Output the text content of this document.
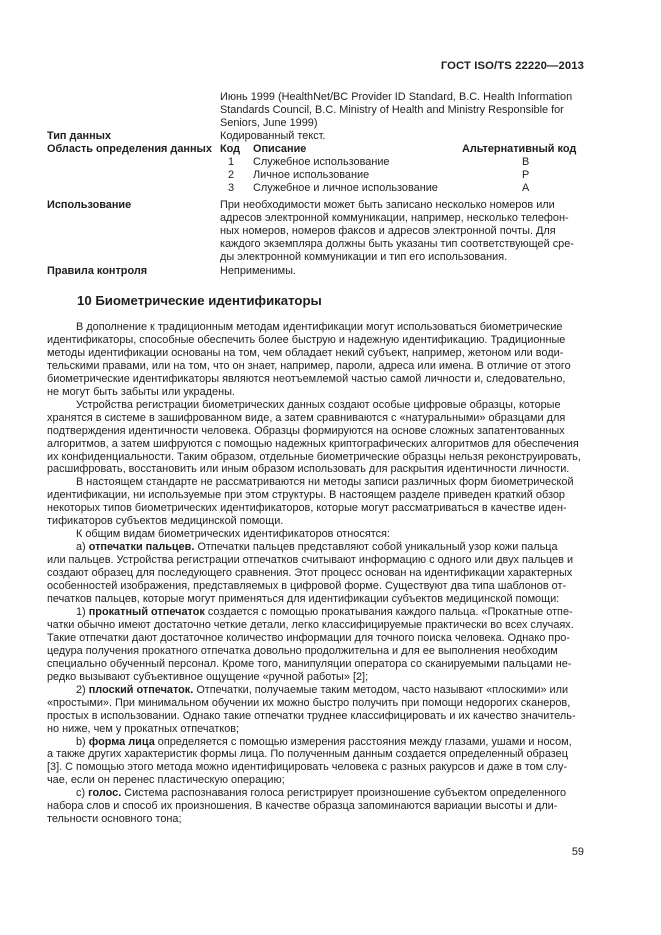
ГОСТ ISO/TS 22220—2013
Июнь 1999 (HealthNet/BC Provider ID Standard, B.C. Health Information
Standards Council, B.C. Ministry of Health and Ministry Responsible for
Seniors, June 1999)
Тип данных	Кодированный текст.
Область определения данных Код Описание	Альтернативный код
1 Служебное использование	B
2 Личное использование	P
3 Служебное и личное использование	A
Использование	При необходимости может быть записано несколько номеров или
адресов электронной коммуникации, например, несколько телефон-
ных номеров, номеров факсов и адресов электронной почты. Для
каждого экземпляра должны быть указаны тип соответствующей сре-
ды электронной коммуникации и тип его использования.
Правила контроля	Неприменимы.
10 Биометрические идентификаторы

В дополнение к традиционным методам идентификации могут использоваться биометрические
идентификаторы, способные обеспечить более быструю и надежную идентификацию. Традиционные
методы идентификации основаны на том, чем обладает некий субъект, например, жетоном или води-
тельскими правами, или на том, что он знает, например, пароли, адреса или имена. В отличие от этого
биометрические идентификаторы являются неотъемлемой частью самой личности и, следовательно,
не могут быть забыты или украдены.

Устройства регистрации биометрических данных создают особые цифровые образцы, которые
хранятся в системе в зашифрованном виде, а затем сравниваются с «натуральными» образцами для
подтверждения идентичности человека. Образцы формируются на основе сложных запатентованных
алгоритмов, а затем шифруются с помощью надежных криптографических алгоритмов для обеспечения
их конфиденциальности. Таким образом, отдельные биометрические образцы нельзя реконструировать,
расшифровать, восстановить или иным образом использовать для раскрытия идентичности личности.

В настоящем стандарте не рассматриваются ни методы записи различных форм биометрической
идентификации, ни используемые при этом структуры. В настоящем разделе приведен краткий обзор
некоторых типов биометрических идентификаторов, которые могут рассматриваться в качестве иден-
тификаторов субъектов медицинской помощи.

К общим видам биометрических идентификаторов относятся:

a) отпечатки пальцев. Отпечатки пальцев представляют собой уникальный узор кожи пальца
или пальцев. Устройства регистрации отпечатков считывают информацию с одного или двух пальцев и
создают образец для последующего сравнения. Этот процесс основан на идентификации характерных
особенностей изображения, представляемых в цифровой форме. Существуют два типа шаблонов от-
печатков пальцев, которые могут применяться для идентификации субъектов медицинской помощи:

1) прокатный отпечаток создается с помощью прокатывания каждого пальца. «Прокатные отпе-
чатки обычно имеют достаточно четкие детали, легко классифицируемые практически во всех случаях.
Такие отпечатки дают достаточное количество информации для точного поиска человека. Однако про-
цедура получения прокатного отпечатка довольно продолжительна и для ее выполнения необходим
специально обученный персонал. Кроме того, манипуляции оператора со сканируемыми пальцами не-
редко вызывают субъективное ощущение «ручной работы» [2];

2) плоский отпечаток. Отпечатки, получаемые таким методом, часто называют «плоскими» или
«простыми». При минимальном обучении их можно быстро получить при помощи недорогих сканеров,
простых в использовании. Однако такие отпечатки труднее классифицировать и их качество значитель-
но ниже, чем у прокатных отпечатков;

b) форма лица определяется с помощью измерения расстояния между глазами, ушами и носом,
а также других характеристик формы лица. По полученным данным создается определенный образец
[3]. С помощью этого метода можно идентифицировать человека с разных ракурсов и даже в том слу-
чае, если он перенес пластическую операцию;

c) голос. Система распознавания голоса регистрирует произношение субъектом определенного
набора слов и способ их произношения. В качестве образца запоминаются вариации высоты и дли-
тельности основного тона;

59
